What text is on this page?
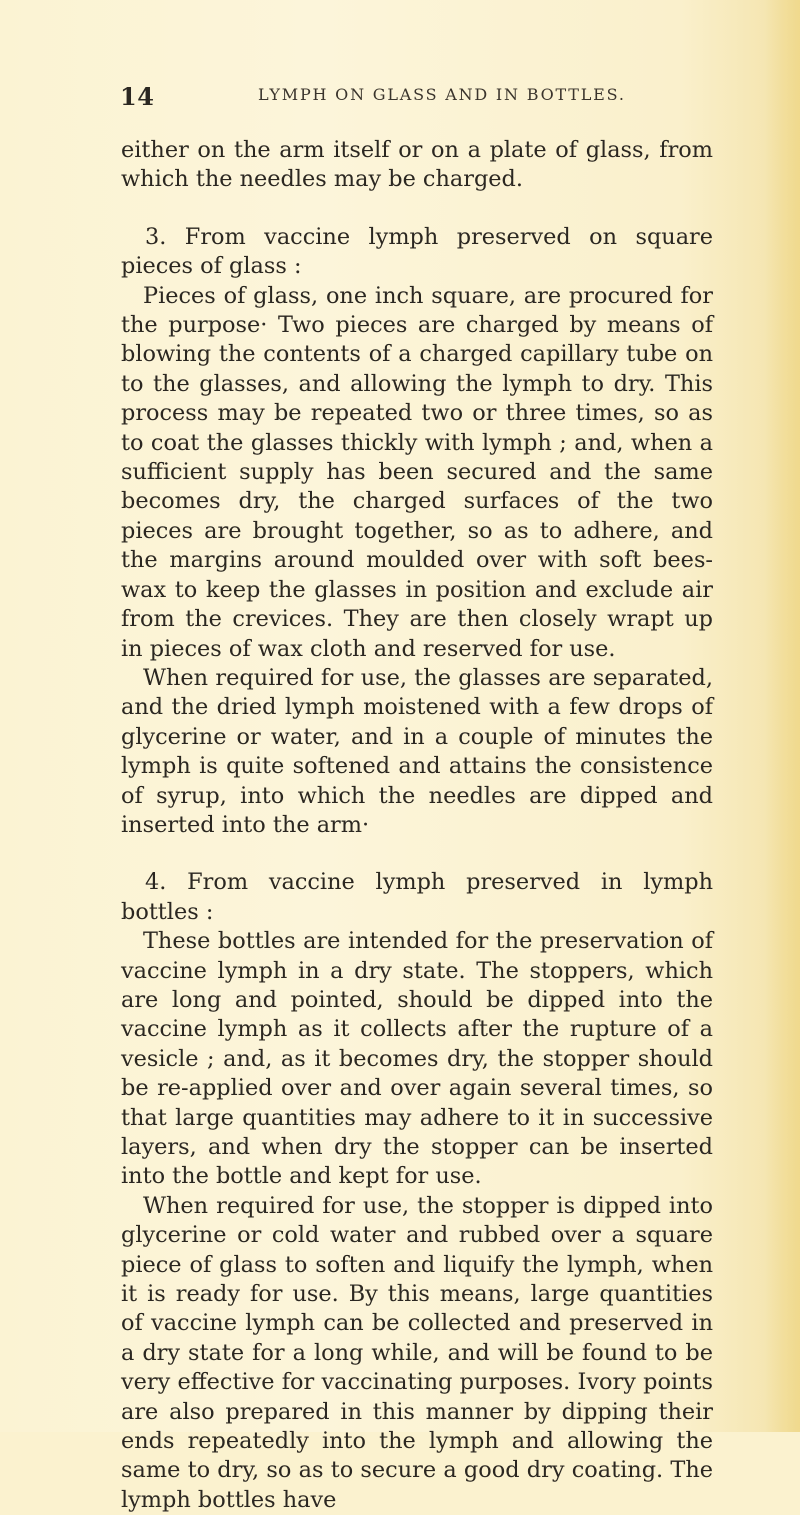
14	LYMPH ON GLASS AND IN BOTTLES.

either on the arm itself or on a plate of glass, from which the needles may be charged.

3. From vaccine lymph preserved on square pieces of glass :

Pieces of glass, one inch square, are procured for the purpose· Two pieces are charged by means of blowing the contents of a charged capillary tube on to the glasses, and allowing the lymph to dry. This process may be repeated two or three times, so as to coat the glasses thickly with lymph ; and, when a sufficient supply has been secured and the same becomes dry, the charged surfaces of the two pieces are brought together, so as to adhere, and the margins around moulded over with soft bees-wax to keep the glasses in position and exclude air from the crevices. They are then closely wrapt up in pieces of wax cloth and reserved for use.

When required for use, the glasses are separated, and the dried lymph moistened with a few drops of glycerine or water, and in a couple of minutes the lymph is quite softened and attains the consistence of syrup, into which the needles are dipped and inserted into the arm·

4. From vaccine lymph preserved in lymph bottles :

These bottles are intended for the preservation of vaccine lymph in a dry state. The stoppers, which are long and pointed, should be dipped into the vaccine lymph as it collects after the rupture of a vesicle ; and, as it becomes dry, the stopper should be re-applied over and over again several times, so that large quantities may adhere to it in successive layers, and when dry the stopper can be inserted into the bottle and kept for use.

When required for use, the stopper is dipped into glycerine or cold water and rubbed over a square piece of glass to soften and liquify the lymph, when it is ready for use. By this means, large quantities of vaccine lymph can be collected and preserved in a dry state for a long while, and will be found to be very effective for vaccinating purposes. Ivory points are also prepared in this manner by dipping their ends repeatedly into the lymph and allowing the same to dry, so as to secure a good dry coating. The lymph bottles have
